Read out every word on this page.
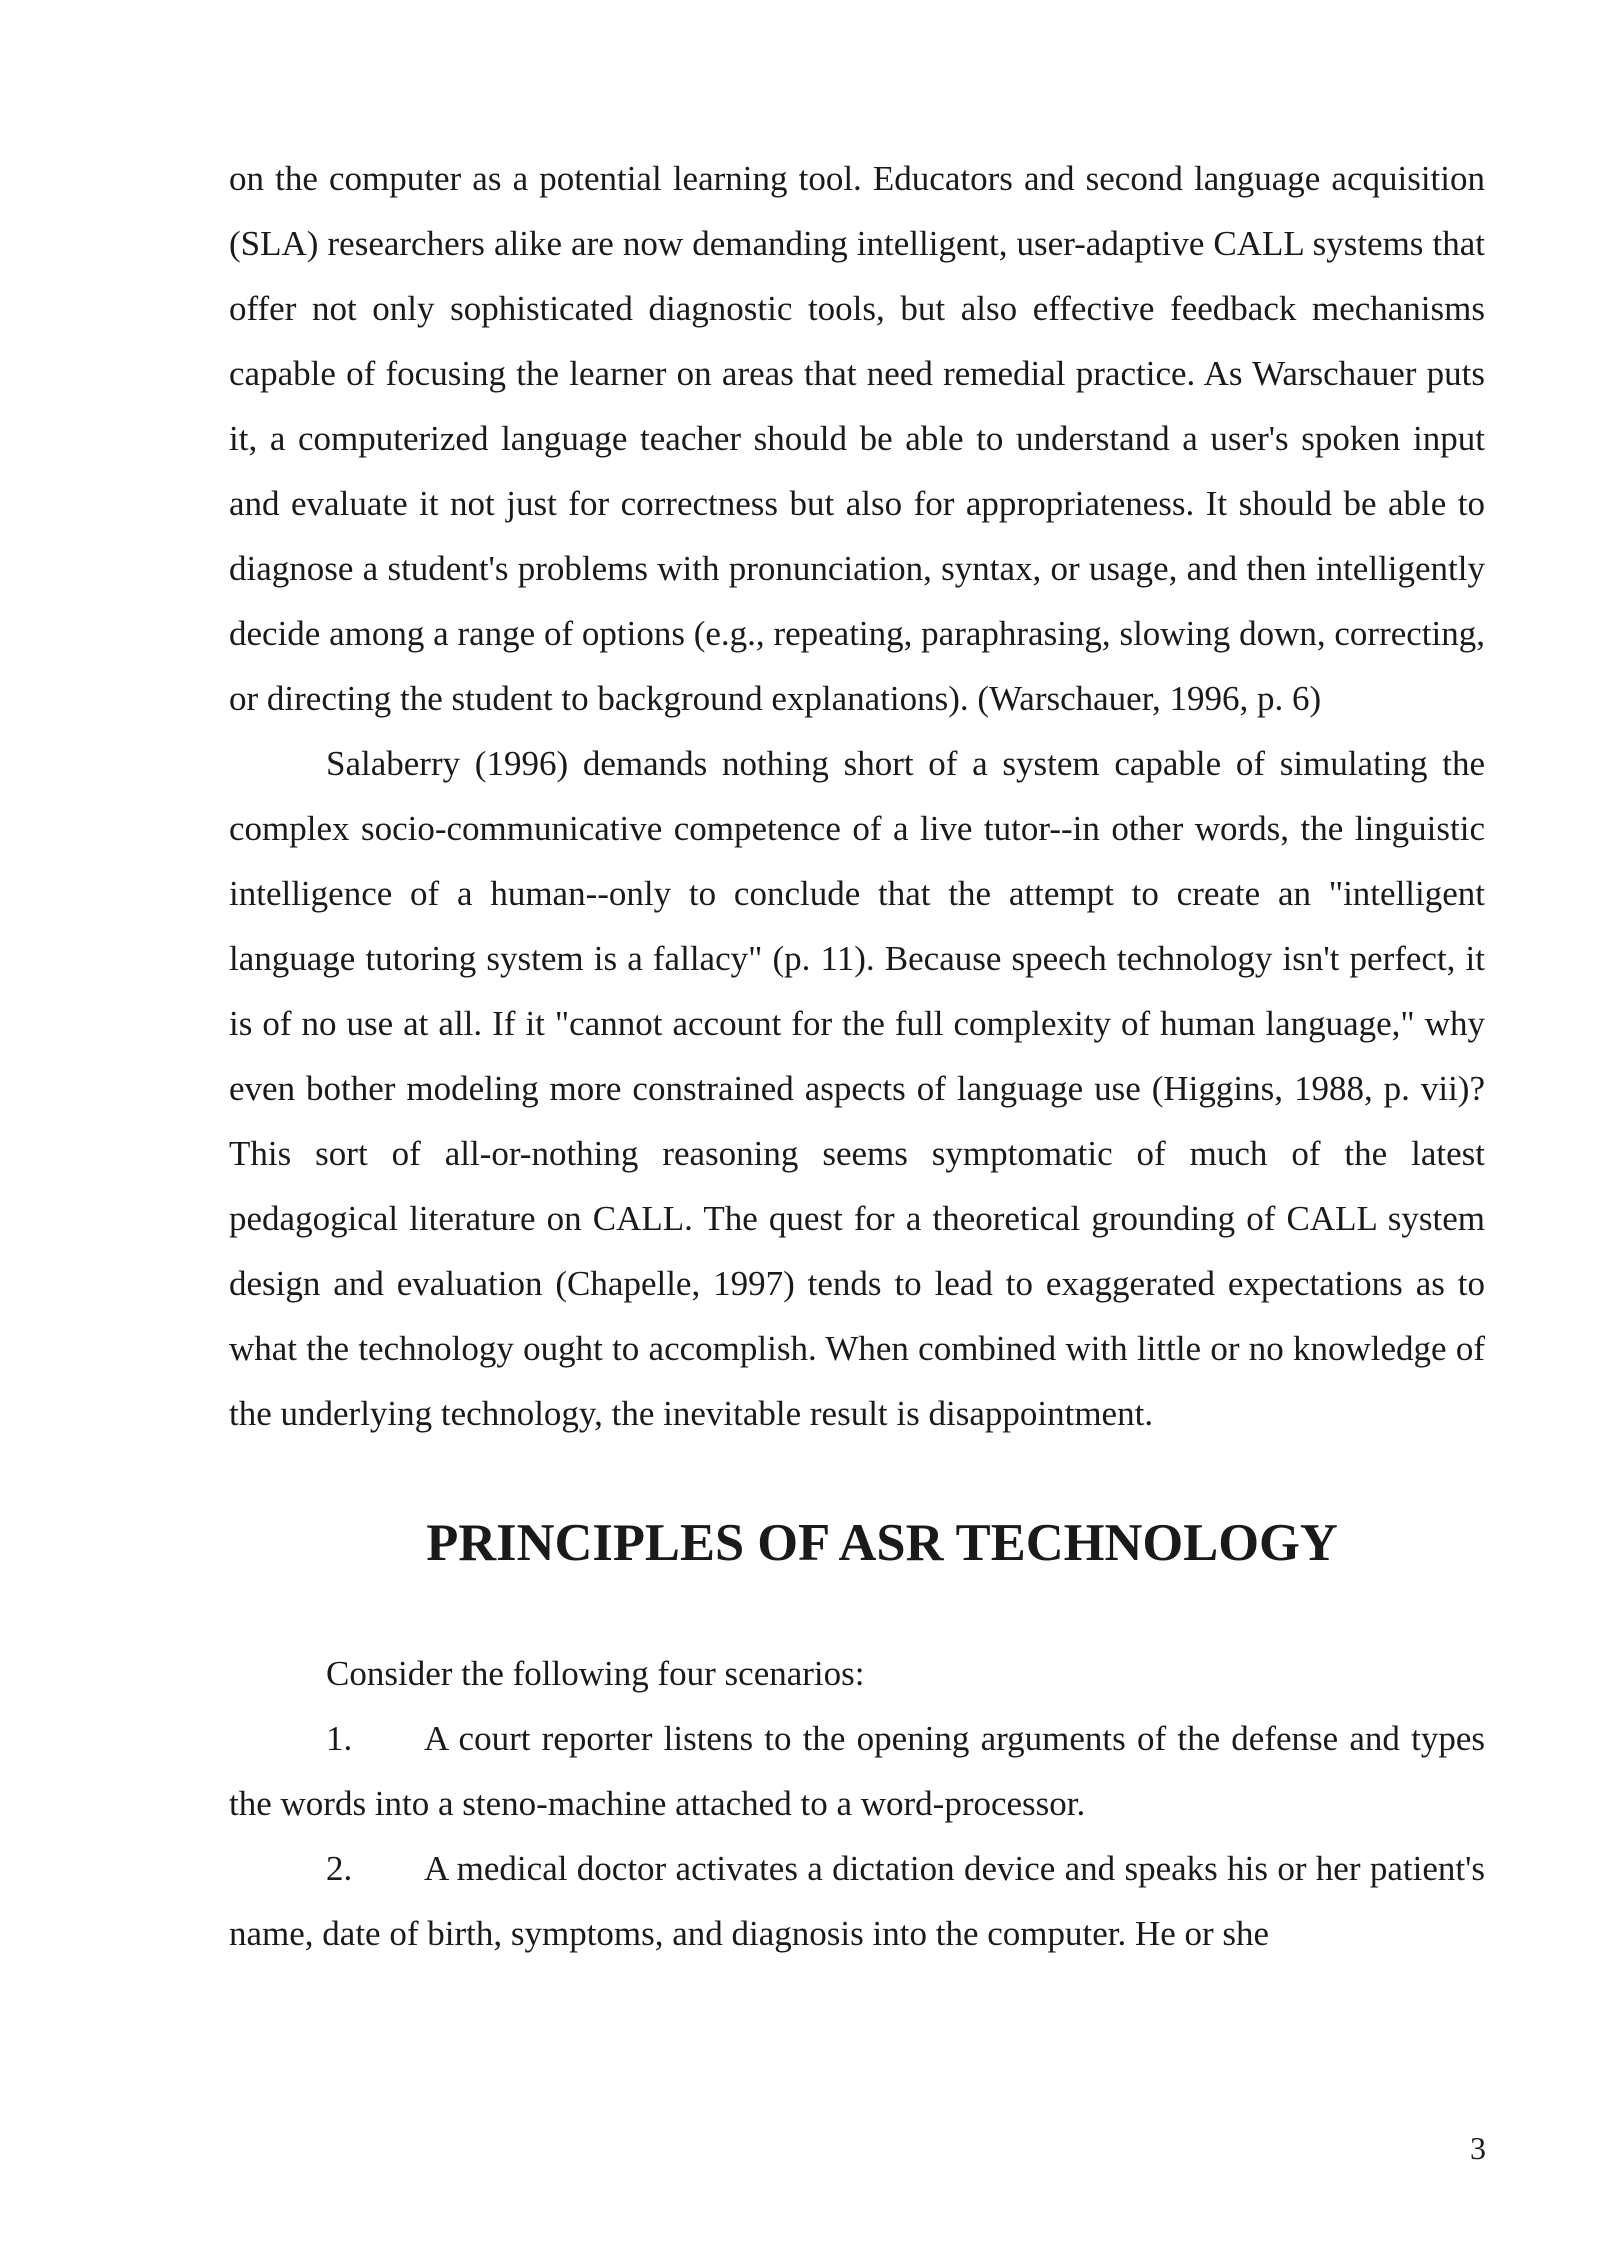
on the computer as a potential learning tool. Educators and second language acquisition (SLA) researchers alike are now demanding intelligent, user-adaptive CALL systems that offer not only sophisticated diagnostic tools, but also effective feedback mechanisms capable of focusing the learner on areas that need remedial practice. As Warschauer puts it, a computerized language teacher should be able to understand a user's spoken input and evaluate it not just for correctness but also for appropriateness. It should be able to diagnose a student's problems with pronunciation, syntax, or usage, and then intelligently decide among a range of options (e.g., repeating, paraphrasing, slowing down, correcting, or directing the student to background explanations). (Warschauer, 1996, p. 6)

Salaberry (1996) demands nothing short of a system capable of simulating the complex socio-communicative competence of a live tutor--in other words, the linguistic intelligence of a human--only to conclude that the attempt to create an "intelligent language tutoring system is a fallacy" (p. 11). Because speech technology isn't perfect, it is of no use at all. If it "cannot account for the full complexity of human language," why even bother modeling more constrained aspects of language use (Higgins, 1988, p. vii)? This sort of all-or-nothing reasoning seems symptomatic of much of the latest pedagogical literature on CALL. The quest for a theoretical grounding of CALL system design and evaluation (Chapelle, 1997) tends to lead to exaggerated expectations as to what the technology ought to accomplish. When combined with little or no knowledge of the underlying technology, the inevitable result is disappointment.

PRINCIPLES OF ASR TECHNOLOGY

Consider the following four scenarios:

1. A court reporter listens to the opening arguments of the defense and types the words into a steno-machine attached to a word-processor.

2. A medical doctor activates a dictation device and speaks his or her patient's name, date of birth, symptoms, and diagnosis into the computer. He or she

3
